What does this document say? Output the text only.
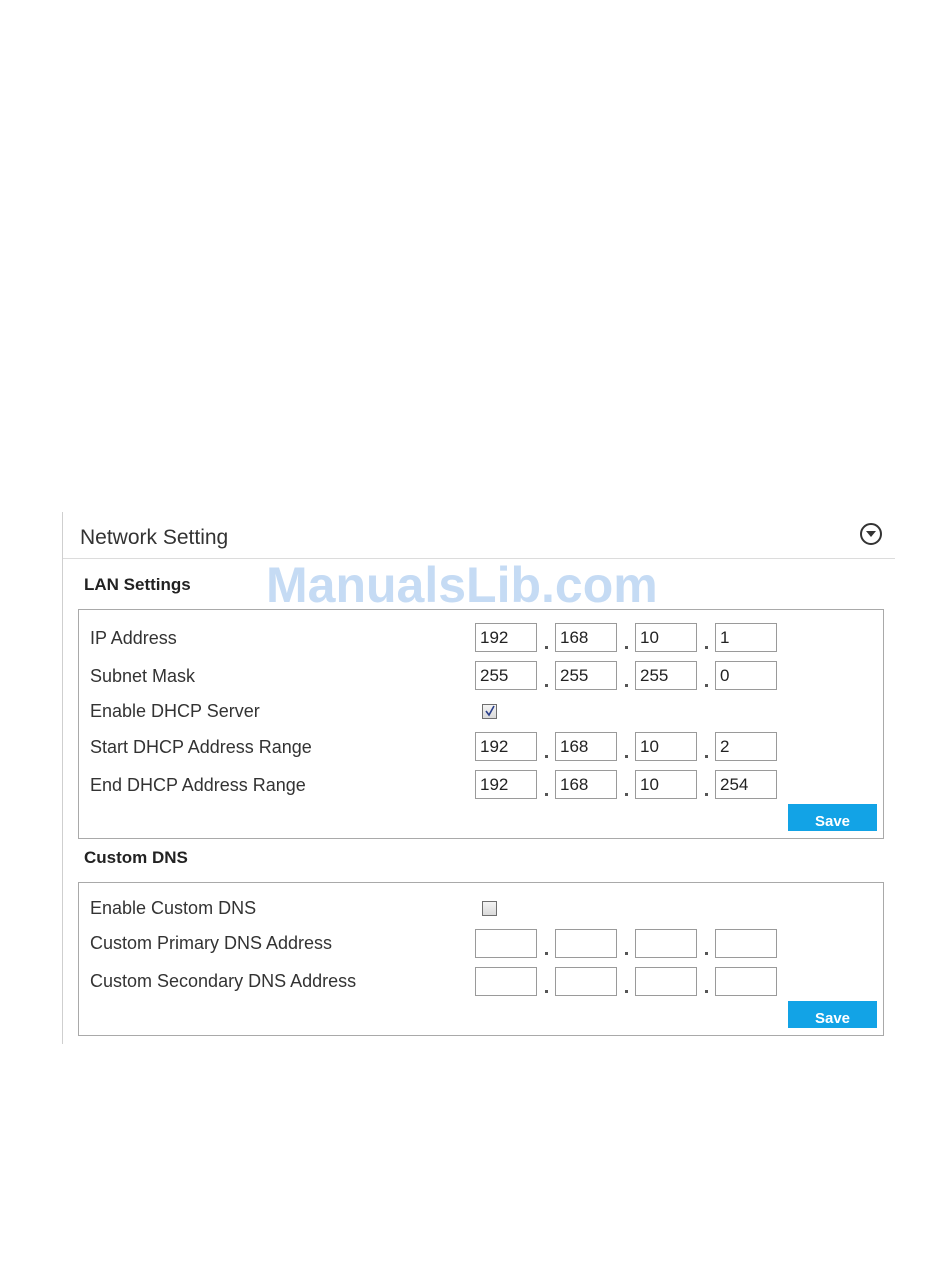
Network Setting
LAN Settings
IP Address
192
168
10
1
Subnet Mask
255
255
255
0
Enable DHCP Server
Start DHCP Address Range
192
168
10
2
End DHCP Address Range
192
168
10
254
Save
Custom DNS
Enable Custom DNS
Custom Primary DNS Address
Custom Secondary DNS Address
Save
ManualsLib.com
